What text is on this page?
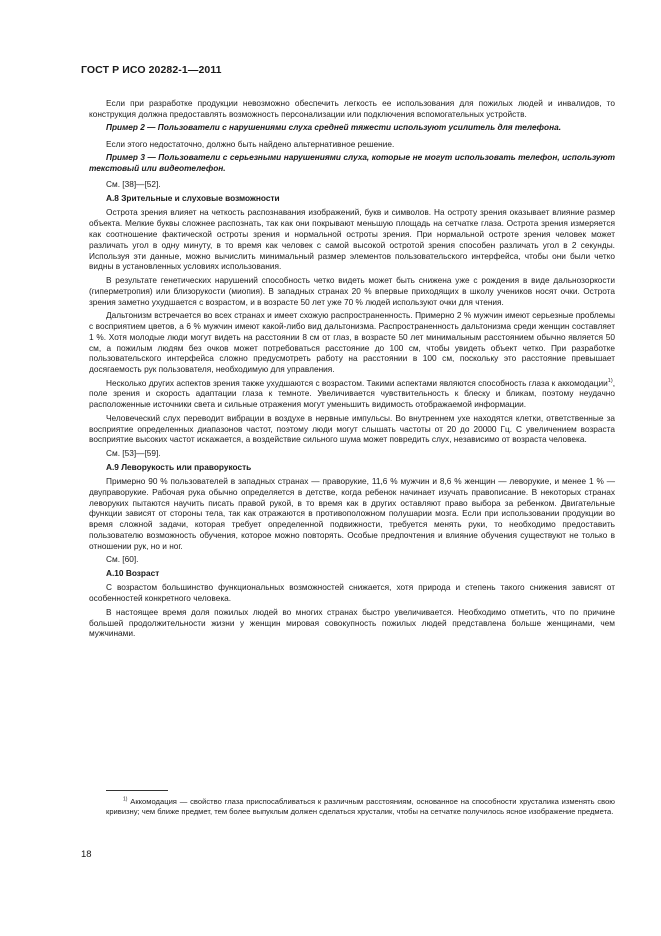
ГОСТ Р ИСО 20282-1—2011

Если при разработке продукции невозможно обеспечить легкость ее использования для пожилых людей и инвалидов, то конструкция должна предоставлять возможность персонализации или подключения вспомогательных устройств.

Пример 2 — Пользователи с нарушениями слуха средней тяжести используют усилитель для телефона.

Если этого недостаточно, должно быть найдено альтернативное решение.

Пример 3 — Пользователи с серьезными нарушениями слуха, которые не могут использовать телефон, используют текстовый или видеотелефон.

См. [38]—[52].

А.8 Зрительные и слуховые возможности

Острота зрения влияет на четкость распознавания изображений, букв и символов. На остроту зрения оказывает влияние размер объекта. Мелкие буквы сложнее распознать, так как они покрывают меньшую площадь на сетчатке глаза. Острота зрения измеряется как соотношение фактической остроты зрения и нормальной остроты зрения. При нормальной остроте зрения человек может различать угол в одну минуту, в то время как человек с самой высокой остротой зрения способен различать угол в 2 секунды. Используя эти данные, можно вычислить минимальный размер элементов пользовательского интерфейса, чтобы они были четко видны в установленных условиях использования.

В результате генетических нарушений способность четко видеть может быть снижена уже с рождения в виде дальнозоркости (гиперметропия) или близорукости (миопия). В западных странах 20 % впервые приходящих в школу учеников носят очки. Острота зрения заметно ухудшается с возрастом, и в возрасте 50 лет уже 70 % людей используют очки для чтения.

Дальтонизм встречается во всех странах и имеет схожую распространенность. Примерно 2 % мужчин имеют серьезные проблемы с восприятием цветов, а 6 % мужчин имеют какой-либо вид дальтонизма. Распространенность дальтонизма среди женщин составляет 1 %. Хотя молодые люди могут видеть на расстоянии 8 см от глаз, в возрасте 50 лет минимальным расстоянием обычно является 50 см, а пожилым людям без очков может потребоваться расстояние до 100 см, чтобы увидеть объект четко. При разработке пользовательского интерфейса сложно предусмотреть работу на расстоянии в 100 см, поскольку это расстояние превышает досягаемость рук пользователя, необходимую для управления.

Несколько других аспектов зрения также ухудшаются с возрастом. Такими аспектами являются способность глаза к аккомодации$^{1)}$, поле зрения и скорость адаптации глаза к темноте. Увеличивается чувствительность к блеску и бликам, поэтому неудачно расположенные источники света и сильные отражения могут уменьшить видимость отображаемой информации.

Человеческий слух переводит вибрации в воздухе в нервные импульсы. Во внутреннем ухе находятся клетки, ответственные за восприятие определенных диапазонов частот, поэтому люди могут слышать частоты от 20 до 20000 Гц. С увеличением возраста восприятие высоких частот искажается, а воздействие сильного шума может повредить слух, независимо от возраста человека.

См. [53]—[59].

А.9 Леворукость или праворукость

Примерно 90 % пользователей в западных странах — праворукие, 11,6 % мужчин и 8,6 % женщин — леворукие, и менее 1 % — двуправорукие. Рабочая рука обычно определяется в детстве, когда ребенок начинает изучать правописание. В некоторых странах леворуких пытаются научить писать правой рукой, в то время как в других оставляют право выбора за ребенком. Двигательные функции зависят от стороны тела, так как отражаются в противоположном полушарии мозга. Если при использовании продукции во время сложной задачи, которая требует определенной подвижности, требуется менять руки, то необходимо предоставить пользователю возможность обучения, которое можно повторять. Особые предпочтения и влияние обучения существуют не только в отношении рук, но и ног.

См. [60].

А.10 Возраст

С возрастом большинство функциональных возможностей снижается, хотя природа и степень такого снижения зависят от особенностей конкретного человека.

В настоящее время доля пожилых людей во многих странах быстро увеличивается. Необходимо отметить, что по причине большей продолжительности жизни у женщин мировая совокупность пожилых людей представлена больше женщинами, чем мужчинами.

$^{1)}$ Аккомодация — свойство глаза приспосабливаться к различным расстояниям, основанное на способности хрусталика изменять свою кривизну; чем ближе предмет, тем более выпуклым должен сделаться хрусталик, чтобы на сетчатке получилось ясное изображение предмета.
18
